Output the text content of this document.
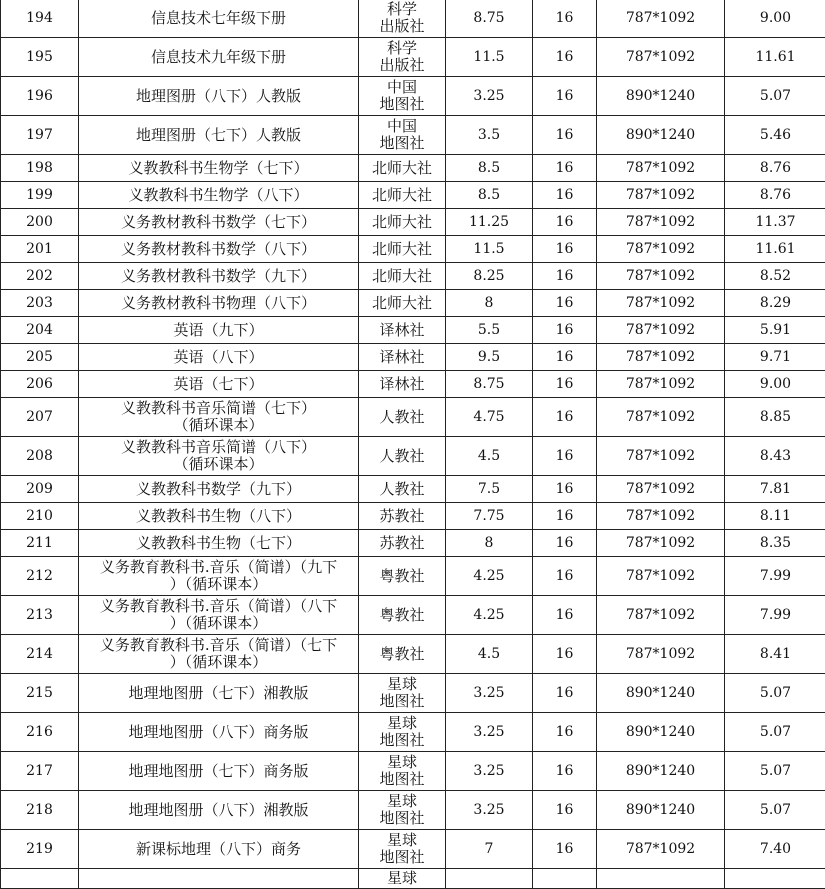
194	信息技术七年级下册	科学
出版社	8.75	16	787*1092	9.00
195	信息技术九年级下册	科学
出版社	11.5	16	787*1092	11.61
196	地理图册（八下）人教版	中国
地图社	3.25	16	890*1240	5.07
197	地理图册（七下）人教版	中国
地图社	3.5	16	890*1240	5.46
198	义教教科书生物学（七下）	北师大社	8.5	16	787*1092	8.76
199	义教教科书生物学（八下）	北师大社	8.5	16	787*1092	8.76
200	义务教材教科书数学（七下）	北师大社	11.25	16	787*1092	11.37
201	义务教材教科书数学（八下）	北师大社	11.5	16	787*1092	11.61
202	义务教材教科书数学（九下）	北师大社	8.25	16	787*1092	8.52
203	义务教材教科书物理（八下）	北师大社	8	16	787*1092	8.29
204	英语（九下）	译林社	5.5	16	787*1092	5.91
205	英语（八下）	译林社	9.5	16	787*1092	9.71
206	英语（七下）	译林社	8.75	16	787*1092	9.00
207	义教教科书音乐简谱（七下）
（循环课本）	人教社	4.75	16	787*1092	8.85
208	义教教科书音乐简谱（八下）
（循环课本）	人教社	4.5	16	787*1092	8.43
209	义教教科书数学（九下）	人教社	7.5	16	787*1092	7.81
210	义教教科书生物（八下）	苏教社	7.75	16	787*1092	8.11
211	义教教科书生物（七下）	苏教社	8	16	787*1092	8.35
212	义务教育教科书.音乐（简谱）（九下
）（循环课本）	粤教社	4.25	16	787*1092	7.99
213	义务教育教科书.音乐（简谱）（八下
）（循环课本）	粤教社	4.25	16	787*1092	7.99
214	义务教育教科书.音乐（简谱）（七下
）（循环课本）	粤教社	4.5	16	787*1092	8.41
215	地理地图册（七下）湘教版	星球
地图社	3.25	16	890*1240	5.07
216	地理地图册（八下）商务版	星球
地图社	3.25	16	890*1240	5.07
217	地理地图册（七下）商务版	星球
地图社	3.25	16	890*1240	5.07
218	地理地图册（八下）湘教版	星球
地图社	3.25	16	890*1240	5.07
219	新课标地理（八下）商务	星球
地图社	7	16	787*1092	7.40

		星球				
